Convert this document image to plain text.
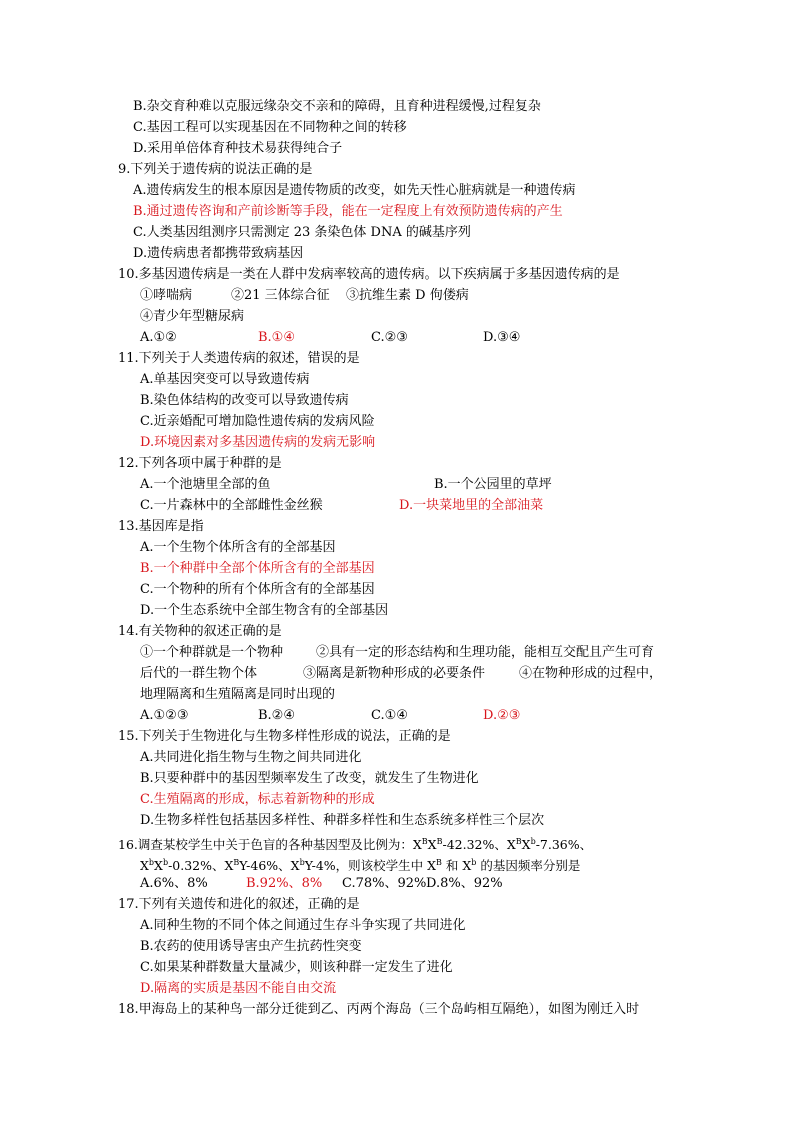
B.杂交育种难以克服远缘杂交不亲和的障碍，且育种进程缓慢,过程复杂
C.基因工程可以实现基因在不同物种之间的转移
D.采用单倍体育种技术易获得纯合子
9.下列关于遗传病的说法正确的是
A.遗传病发生的根本原因是遗传物质的改变，如先天性心脏病就是一种遗传病
B.通过遗传咨询和产前诊断等手段，能在一定程度上有效预防遗传病的产生
C.人类基因组测序只需测定 23 条染色体 DNA 的碱基序列
D.遗传病患者都携带致病基因
10.多基因遗传病是一类在人群中发病率较高的遗传病。以下疾病属于多基因遗传病的是
①哮喘病	②21 三体综合征 ③抗维生素 D 佝偻病
④青少年型糖尿病
A.①②	B.①④	C.②③	D.③④
11.下列关于人类遗传病的叙述，错误的是
A.单基因突变可以导致遗传病
B.染色体结构的改变可以导致遗传病
C.近亲婚配可增加隐性遗传病的发病风险
D.环境因素对多基因遗传病的发病无影响
12.下列各项中属于种群的是
A.一个池塘里全部的鱼	B.一个公园里的草坪
C.一片森林中的全部雌性金丝猴	D.一块菜地里的全部油菜
13.基因库是指
A.一个生物个体所含有的全部基因
B.一个种群中全部个体所含有的全部基因
C.一个物种的所有个体所含有的全部基因
D.一个生态系统中全部生物含有的全部基因
14.有关物种的叙述正确的是
①一个种群就是一个物种	②具有一定的形态结构和生理功能，能相互交配且产生可育
后代的一群生物个体	③隔离是新物种形成的必要条件	④在物种形成的过程中，
地理隔离和生殖隔离是同时出现的
A.①②③	B.②④	C.①④	D.②③
15.下列关于生物进化与生物多样性形成的说法，正确的是
A.共同进化指生物与生物之间共同进化
B.只要种群中的基因型频率发生了改变，就发生了生物进化
C.生殖隔离的形成，标志着新物种的形成
D.生物多样性包括基因多样性、种群多样性和生态系统多样性三个层次
16.调查某校学生中关于色盲的各种基因型及比例为：$X^BX^B-42.32\%$、$X^BX^b-7.36\%$、
$X^bX^b-0.32\%$、$X^BY-46\%$、$X^bY-4\%$，则该校学生中 $X^B$ 和 $X^b$ 的基因频率分别是
A.6%、8%	B.92%、8% C.78%、92% D.8%、92%
17.下列有关遗传和进化的叙述，正确的是
A.同种生物的不同个体之间通过生存斗争实现了共同进化
B.农药的使用诱导害虫产生抗药性突变
C.如果某种群数量大量减少，则该种群一定发生了进化
D.隔离的实质是基因不能自由交流
18.甲海岛上的某种鸟一部分迁徙到乙、丙两个海岛（三个岛屿相互隔绝），如图为刚迁入时
